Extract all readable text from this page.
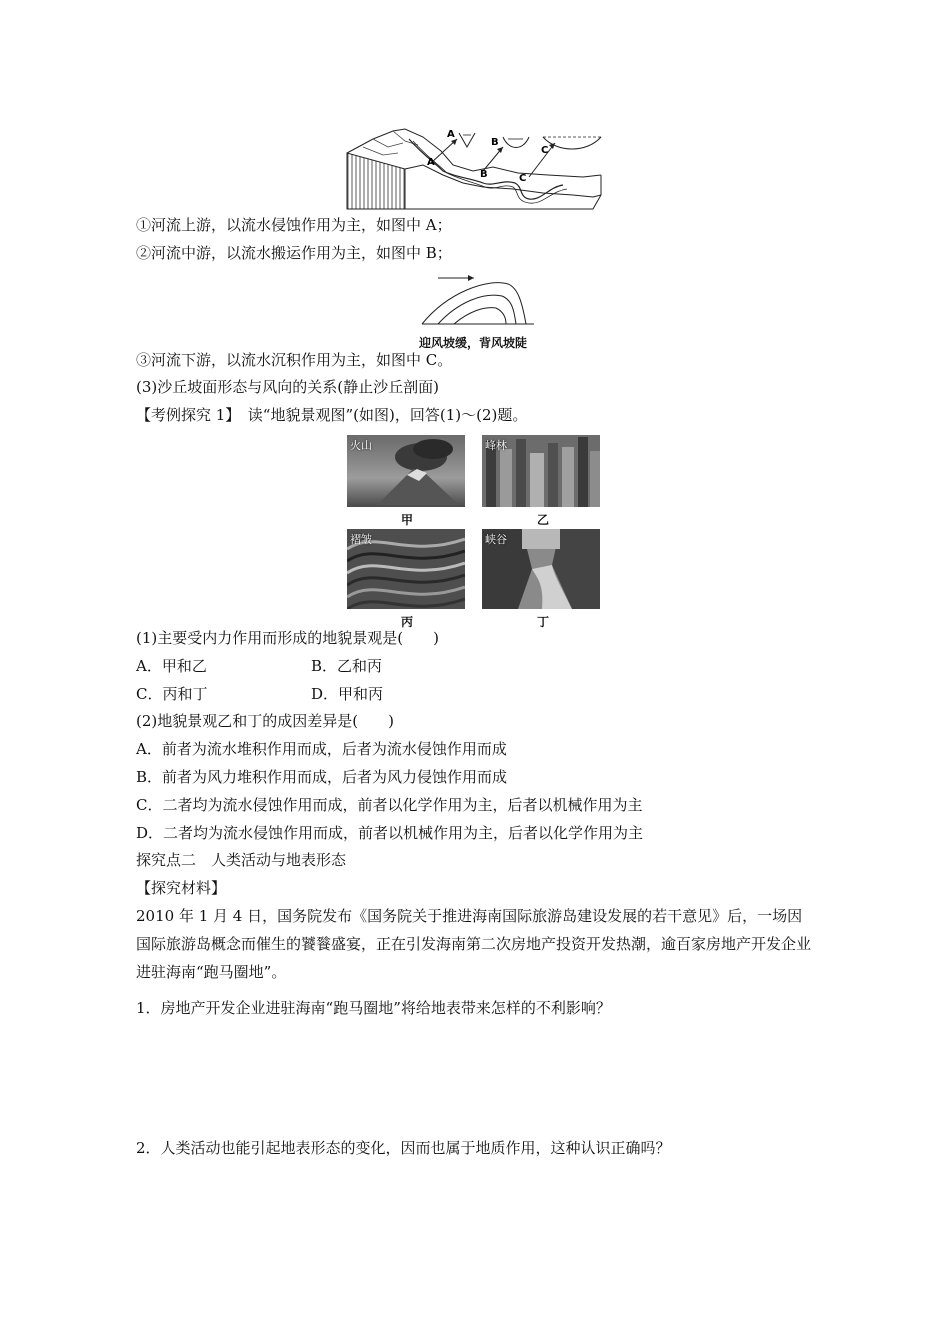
A
B
C
A
B	C
①河流上游，以流水侵蚀作用为主，如图中 A；
②河流中游，以流水搬运作用为主，如图中 B；
迎风坡缓，背风坡陡
③河流下游，以流水沉积作用为主，如图中 C。
(3)沙丘坡面形态与风向的关系(静止沙丘剖面)
【考例探究 1】　读“地貌景观图”(如图)，回答(1)～(2)题。
火山
甲
峰林
乙
褶皱
丙
峡谷
丁
(1)主要受内力作用而形成的地貌景观是(　　)
A．甲和乙	B．乙和丙
C．丙和丁	D．甲和丙
(2)地貌景观乙和丁的成因差异是(　　)
A．前者为流水堆积作用而成，后者为流水侵蚀作用而成
B．前者为风力堆积作用而成，后者为风力侵蚀作用而成
C．二者均为流水侵蚀作用而成，前者以化学作用为主，后者以机械作用为主
D．二者均为流水侵蚀作用而成，前者以机械作用为主，后者以化学作用为主
探究点二　人类活动与地表形态
【探究材料】
2010 年 1 月 4 日，国务院发布《国务院关于推进海南国际旅游岛建设发展的若干意见》后，一场因国际旅游岛概念而催生的饕餮盛宴，正在引发海南第二次房地产投资开发热潮，逾百家房地产开发企业进驻海南“跑马圈地”。
1．房地产开发企业进驻海南“跑马圈地”将给地表带来怎样的不利影响？
2．人类活动也能引起地表形态的变化，因而也属于地质作用，这种认识正确吗？
